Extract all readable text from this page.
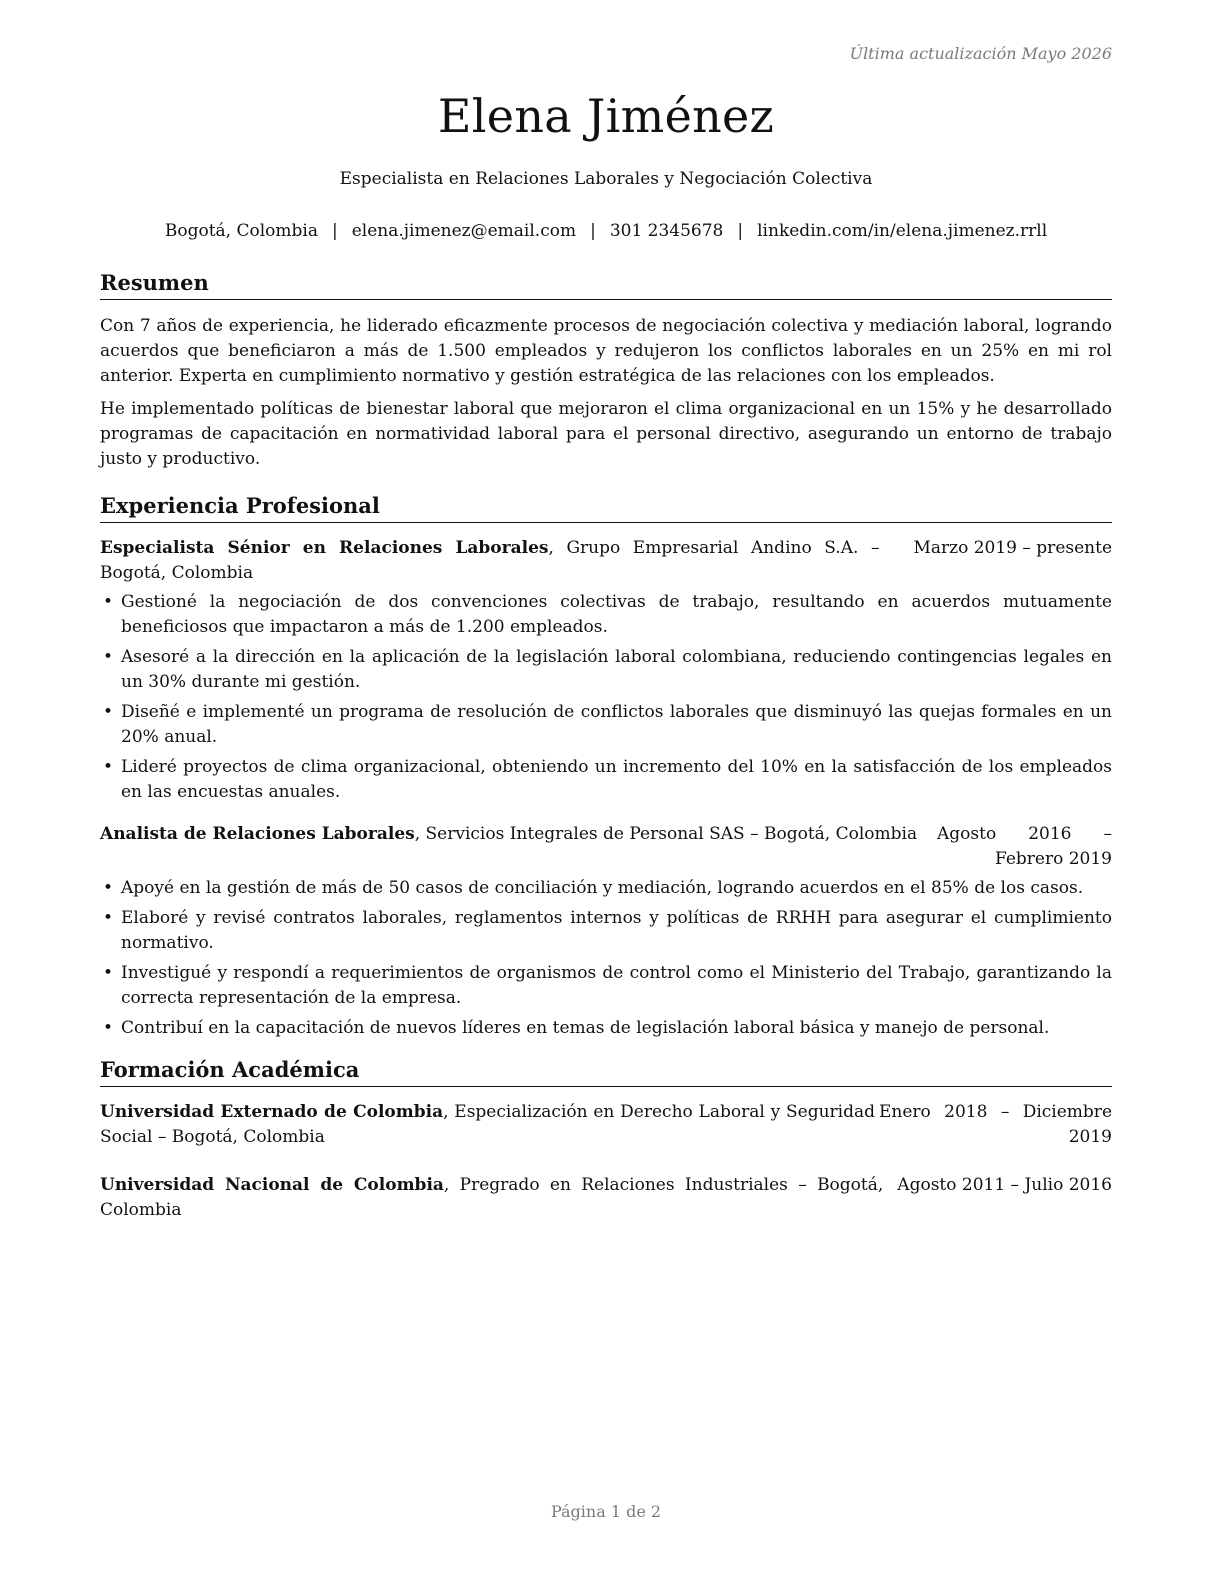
Última actualización Mayo 2026
Elena Jiménez
Especialista en Relaciones Laborales y Negociación Colectiva
Bogotá, Colombia | elena.jimenez@email.com | 301 2345678 | linkedin.com/in/elena.jimenez.rrll
Resumen

Con 7 años de experiencia, he liderado eficazmente procesos de negociación colectiva y mediación laboral, logrando acuerdos que beneficiaron a más de 1.500 empleados y redujeron los conflictos laborales en un 25% en mi rol anterior. Experta en cumplimiento normativo y gestión estratégica de las relaciones con los empleados.

He implementado políticas de bienestar laboral que mejoraron el clima organizacional en un 15% y he desarrollado programas de capacitación en normatividad laboral para el personal directivo, asegurando un entorno de trabajo justo y productivo.

Experiencia Profesional
Especialista Sénior en Relaciones Laborales, Grupo Empresarial Andino S.A. – Bogotá, Colombia
Marzo 2019 – presente
• Gestioné la negociación de dos convenciones colectivas de trabajo, resultando en acuerdos mutuamente beneficiosos que impactaron a más de 1.200 empleados.
• Asesoré a la dirección en la aplicación de la legislación laboral colombiana, reduciendo contingencias legales en un 30% durante mi gestión.
• Diseñé e implementé un programa de resolución de conflictos laborales que disminuyó las quejas formales en un 20% anual.
• Lideré proyectos de clima organizacional, obteniendo un incremento del 10% en la satisfacción de los empleados en las encuestas anuales.
Analista de Relaciones Laborales, Servicios Integrales de Personal SAS – Bogotá, Colombia	Agosto 2016 – Febrero 2019
• Apoyé en la gestión de más de 50 casos de conciliación y mediación, logrando acuerdos en el 85% de los casos.
• Elaboré y revisé contratos laborales, reglamentos internos y políticas de RRHH para asegurar el cumplimiento normativo.
• Investigué y respondí a requerimientos de organismos de control como el Ministerio del Trabajo, garantizando la correcta representación de la empresa.
• Contribuí en la capacitación de nuevos líderes en temas de legislación laboral básica y manejo de personal.
Formación Académica
Universidad Externado de Colombia, Especialización en Derecho Laboral y Seguridad Social – Bogotá, Colombia
Enero 2018 – Diciembre 2019
Universidad Nacional de Colombia, Pregrado en Relaciones Industriales – Bogotá, Colombia
Agosto 2011 – Julio 2016
Página 1 de 2
